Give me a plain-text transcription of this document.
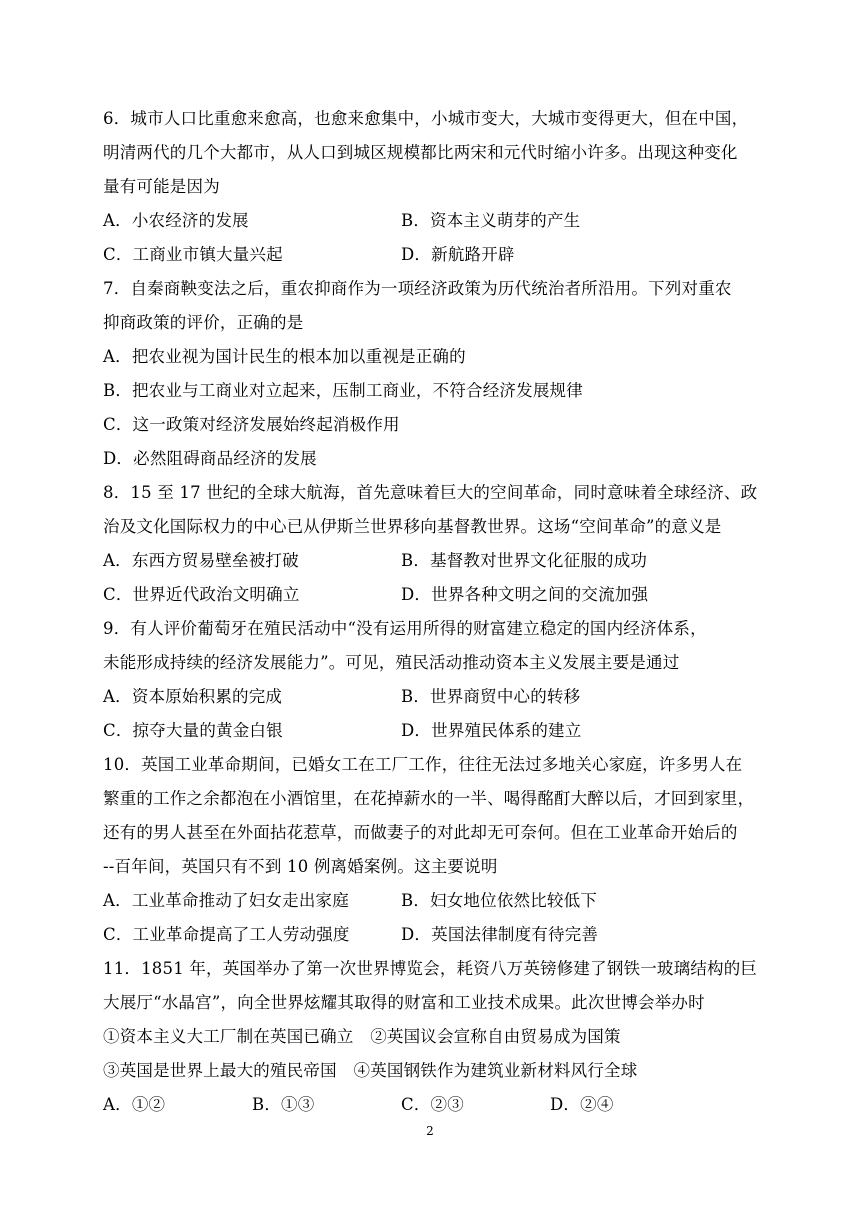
6．城市人口比重愈来愈高，也愈来愈集中，小城市变大，大城市变得更大，但在中国，
明清两代的几个大都市，从人口到城区规模都比两宋和元代时缩小许多。出现这种变化
量有可能是因为
A．小农经济的发展	B．资本主义萌芽的产生
C．工商业市镇大量兴起	D．新航路开辟
7．自秦商鞅变法之后，重农抑商作为一项经济政策为历代统治者所沿用。下列对重农
抑商政策的评价，正确的是
A．把农业视为国计民生的根本加以重视是正确的
B．把农业与工商业对立起来，压制工商业，不符合经济发展规律
C．这一政策对经济发展始终起消极作用
D．必然阻碍商品经济的发展
8．15 至 17 世纪的全球大航海，首先意味着巨大的空间革命，同时意味着全球经济、政
治及文化国际权力的中心已从伊斯兰世界移向基督教世界。这场“空间革命”的意义是
A．东西方贸易壁垒被打破	B．基督教对世界文化征服的成功
C．世界近代政治文明确立	D．世界各种文明之间的交流加强
9．有人评价葡萄牙在殖民活动中“没有运用所得的财富建立稳定的国内经济体系，
未能形成持续的经济发展能力”。可见，殖民活动推动资本主义发展主要是通过
A．资本原始积累的完成	B．世界商贸中心的转移
C．掠夺大量的黄金白银	D．世界殖民体系的建立
10．英国工业革命期间，已婚女工在工厂工作，往往无法过多地关心家庭，许多男人在
繁重的工作之余都泡在小酒馆里，在花掉薪水的一半、喝得酩酊大醉以后，才回到家里，
还有的男人甚至在外面拈花惹草，而做妻子的对此却无可奈何。但在工业革命开始后的
--百年间，英国只有不到 10 例离婚案例。这主要说明
A．工业革命推动了妇女走出家庭	B．妇女地位依然比较低下
C．工业革命提高了工人劳动强度	D．英国法律制度有待完善
11．1851 年，英国举办了第一次世界博览会，耗资八万英镑修建了钢铁一玻璃结构的巨
大展厅“水晶宫”，向全世界炫耀其取得的财富和工业技术成果。此次世博会举办时
①资本主义大工厂制在英国已确立　②英国议会宣称自由贸易成为国策
③英国是世界上最大的殖民帝国　④英国钢铁作为建筑业新材料风行全球
A．①②	B．①③	C．②③	D．②④
2
